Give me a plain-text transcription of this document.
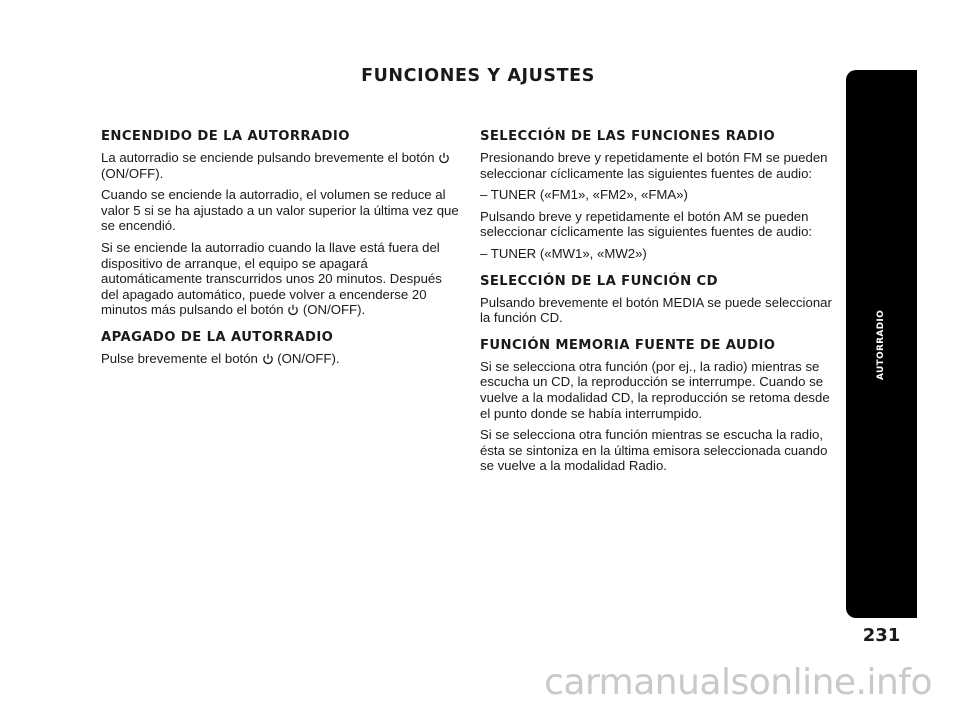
FUNCIONES Y AJUSTES
ENCENDIDO DE LA AUTORRADIO

La autorradio se enciende pulsando brevemente el botón
(ON/OFF).

Cuando se enciende la autorradio, el volumen se reduce al valor 5 si se ha ajustado a un valor superior la última vez que se encendió.

Si se enciende la autorradio cuando la llave está fuera del dispositivo de arranque, el equipo se apagará automáticamente transcurridos unos 20 minutos. Después del apagado automático, puede volver a encenderse 20 minutos más pulsando el botón (ON/OFF).

APAGADO DE LA AUTORRADIO

Pulse brevemente el botón (ON/OFF).

SELECCIÓN DE LAS FUNCIONES RADIO

Presionando breve y repetidamente el botón FM se pueden seleccionar cíclicamente las siguientes fuentes de audio:

– TUNER («FM1», «FM2», «FMA»)

Pulsando breve y repetidamente el botón AM se pueden seleccionar cíclicamente las siguientes fuentes de audio:

– TUNER («MW1», «MW2»)

SELECCIÓN DE LA FUNCIÓN CD

Pulsando brevemente el botón MEDIA se puede seleccionar la función CD.

FUNCIÓN MEMORIA FUENTE DE AUDIO

Si se selecciona otra función (por ej., la radio) mientras se escucha un CD, la reproducción se interrumpe. Cuando se vuelve a la modalidad CD, la reproducción se retoma desde el punto donde se había interrumpido.

Si se selecciona otra función mientras se escucha la radio, ésta se sintoniza en la última emisora seleccionada cuando se vuelve a la modalidad Radio.

AUTORRADIO
231
carmanualsonline.info
